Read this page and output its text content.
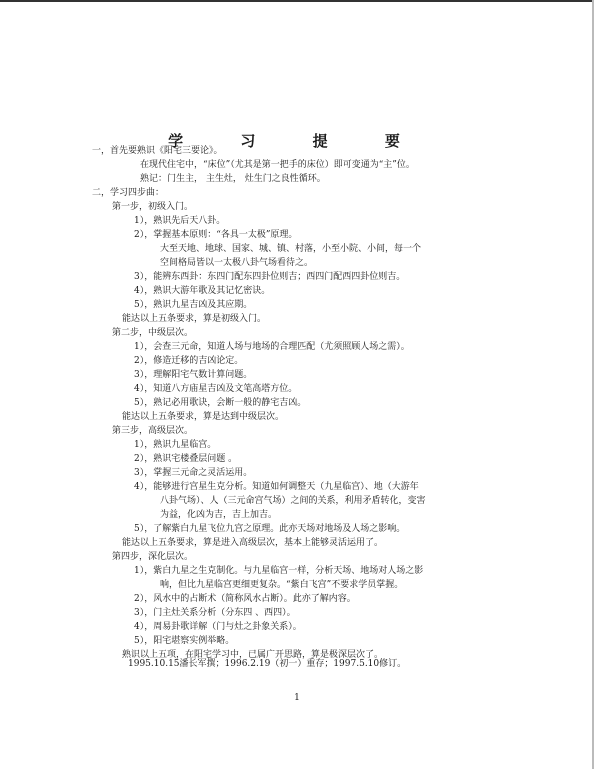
学 习 提 要
一，首先要熟识《阳宅三要论》。
在现代住宅中，“床位”（尤其是第一把手的床位）即可变通为“主”位。
熟记：门生主， 主生灶， 灶生门之良性循环。
二，学习四步曲：
第一步，初级入门。
1），熟识先后天八卦。
2），掌握基本原则：“各具一太极”原理。
大至天地、地球、国家、城、镇、村落，小至小院、小间，每一个
空间格局皆以一太极八卦气场看待之。
3），能辨东西卦：东四门配东四卦位则吉；西四门配西四卦位则吉。
4），熟识大游年歌及其记忆密诀。
5），熟识九星吉凶及其应期。
能达以上五条要求，算是初级入门。
第二步，中级层次。
1），会查三元命，知道人场与地场的合理匹配（尤须照顾人场之需）。
2），修造迁移的吉凶论定。
3），理解阳宅气数计算问题。
4），知道八方庙星吉凶及文笔高塔方位。
5），熟记必用歌诀，会断一般的静宅吉凶。
能达以上五条要求，算是达到中级层次。
第三步，高级层次。
1），熟识九星临宫。
2），熟识宅楼叠层问题 。
3），掌握三元命之灵活运用。
4），能够进行宫星生克分析。知道如何调整天（九星临宫）、地（大游年
八卦气场）、人（三元命宫气场）之间的关系，利用矛盾转化，变害
为益，化凶为吉，吉上加吉。
5），了解紫白九星飞位九宫之原理。此亦天场对地场及人场之影响。
能达以上五条要求，算是进入高级层次，基本上能够灵活运用了。
第四步，深化层次。
1），紫白九星之生克制化。与九星临宫一样，分析天场、地场对人场之影
响，但比九星临宫更细更复杂。“紫白飞宫”不要求学员掌握。
2），风水中的占断术（简称风水占断）。此亦了解内容。
3），门主灶关系分析（分东四 、西四）。
4），周易卦歌详解（门与灶之卦象关系）。
5），阳宅堪察实例举略。
熟识以上五项，在阳宅学习中，已属广开思路，算是极深层次了。
1995.10.15潘长军撰；1996.2.19（初一）重存；1997.5.10修订。
1
